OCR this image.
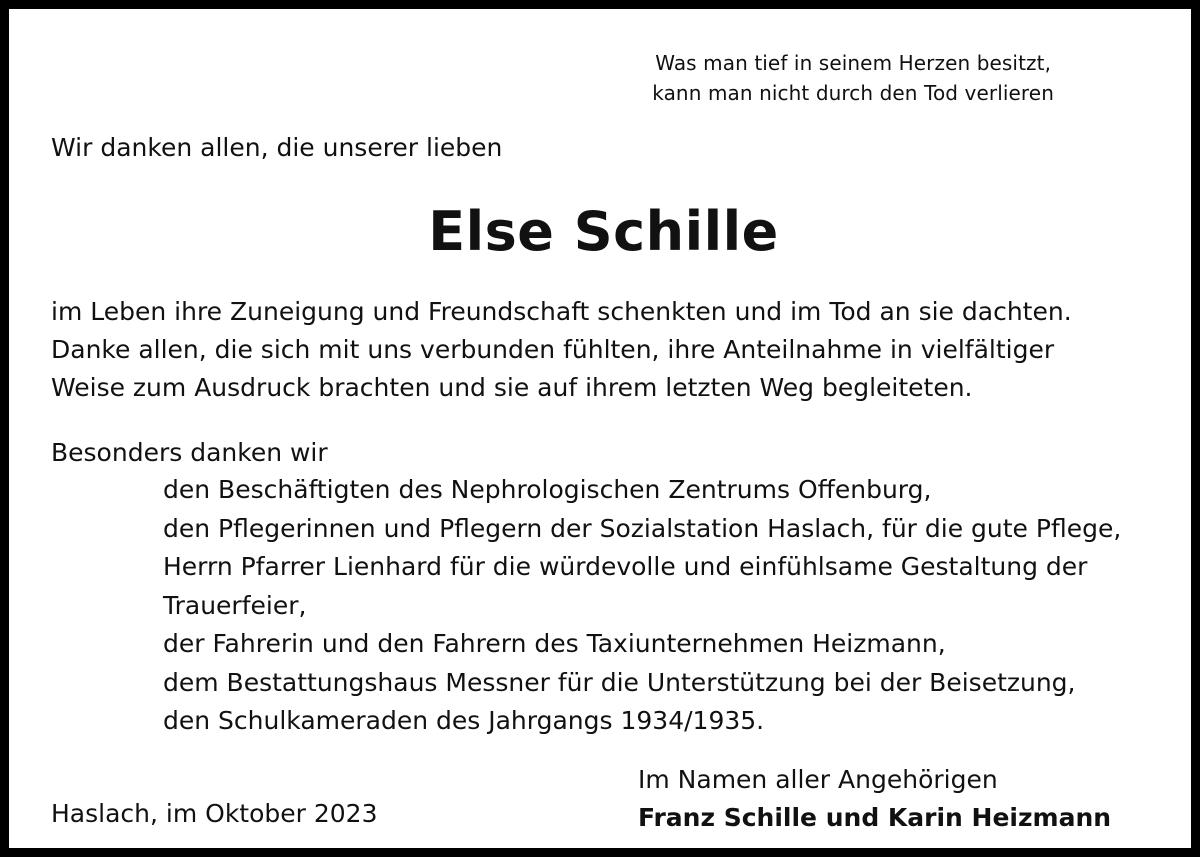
Was man tief in seinem Herzen besitzt,
kann man nicht durch den Tod verlieren
Wir danken allen, die unserer lieben
Else Schille
im Leben ihre Zuneigung und Freundschaft schenkten und im Tod an sie dachten.
Danke allen, die sich mit uns verbunden fühlten, ihre Anteilnahme in vielfältiger
Weise zum Ausdruck brachten und sie auf ihrem letzten Weg begleiteten.
Besonders danken wir
den Beschäftigten des Nephrologischen Zentrums Offenburg,
den Pflegerinnen und Pflegern der Sozialstation Haslach, für die gute Pflege,
Herrn Pfarrer Lienhard für die würdevolle und einfühlsame Gestaltung der
Trauerfeier,
der Fahrerin und den Fahrern des Taxiunternehmen Heizmann,
dem Bestattungshaus Messner für die Unterstützung bei der Beisetzung,
den Schulkameraden des Jahrgangs 1934/1935.
Haslach, im Oktober 2023
Im Namen aller Angehörigen
Franz Schille und Karin Heizmann
